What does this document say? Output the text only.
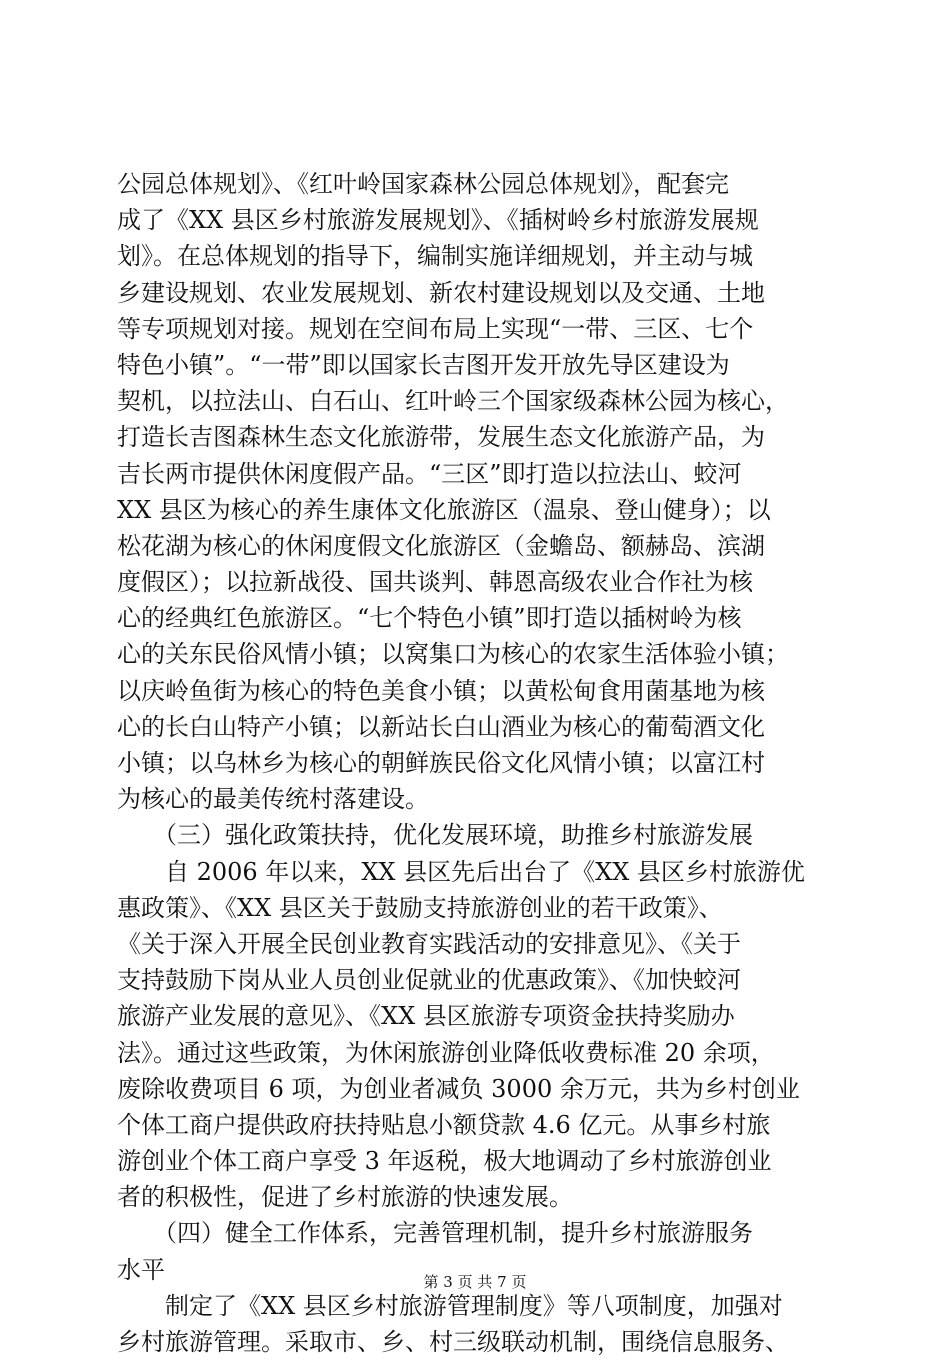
公园总体规划》、《红叶岭国家森林公园总体规划》，配套完
成了《XX 县区乡村旅游发展规划》、《插树岭乡村旅游发展规
划》。在总体规划的指导下，编制实施详细规划，并主动与城
乡建设规划、农业发展规划、新农村建设规划以及交通、土地
等专项规划对接。规划在空间布局上实现“一带、三区、七个
特色小镇”。“一带”即以国家长吉图开发开放先导区建设为
契机，以拉法山、白石山、红叶岭三个国家级森林公园为核心，
打造长吉图森林生态文化旅游带，发展生态文化旅游产品，为
吉长两市提供休闲度假产品。“三区”即打造以拉法山、蛟河
XX 县区为核心的养生康体文化旅游区（温泉、登山健身）；以
松花湖为核心的休闲度假文化旅游区（金蟾岛、额赫岛、滨湖
度假区）；以拉新战役、国共谈判、韩恩高级农业合作社为核
心的经典红色旅游区。“七个特色小镇”即打造以插树岭为核
心的关东民俗风情小镇；以窝集口为核心的农家生活体验小镇；
以庆岭鱼街为核心的特色美食小镇；以黄松甸食用菌基地为核
心的长白山特产小镇；以新站长白山酒业为核心的葡萄酒文化
小镇；以乌林乡为核心的朝鲜族民俗文化风情小镇；以富江村
为核心的最美传统村落建设。
　　（三）强化政策扶持，优化发展环境，助推乡村旅游发展
　　自 2006 年以来，XX 县区先后出台了《XX 县区乡村旅游优
惠政策》、《XX 县区关于鼓励支持旅游创业的若干政策》、
《关于深入开展全民创业教育实践活动的安排意见》、《关于
支持鼓励下岗从业人员创业促就业的优惠政策》、《加快蛟河
旅游产业发展的意见》、《XX 县区旅游专项资金扶持奖励办
法》。通过这些政策，为休闲旅游创业降低收费标准 20 余项，
废除收费项目 6 项，为创业者减负 3000 余万元，共为乡村创业
个体工商户提供政府扶持贴息小额贷款 4.6 亿元。从事乡村旅
游创业个体工商户享受 3 年返税，极大地调动了乡村旅游创业
者的积极性，促进了乡村旅游的快速发展。
　　（四）健全工作体系，完善管理机制，提升乡村旅游服务
水平
　　制定了《XX 县区乡村旅游管理制度》等八项制度，加强对
乡村旅游管理。采取市、乡、村三级联动机制，围绕信息服务、
第 3 页 共 7 页
